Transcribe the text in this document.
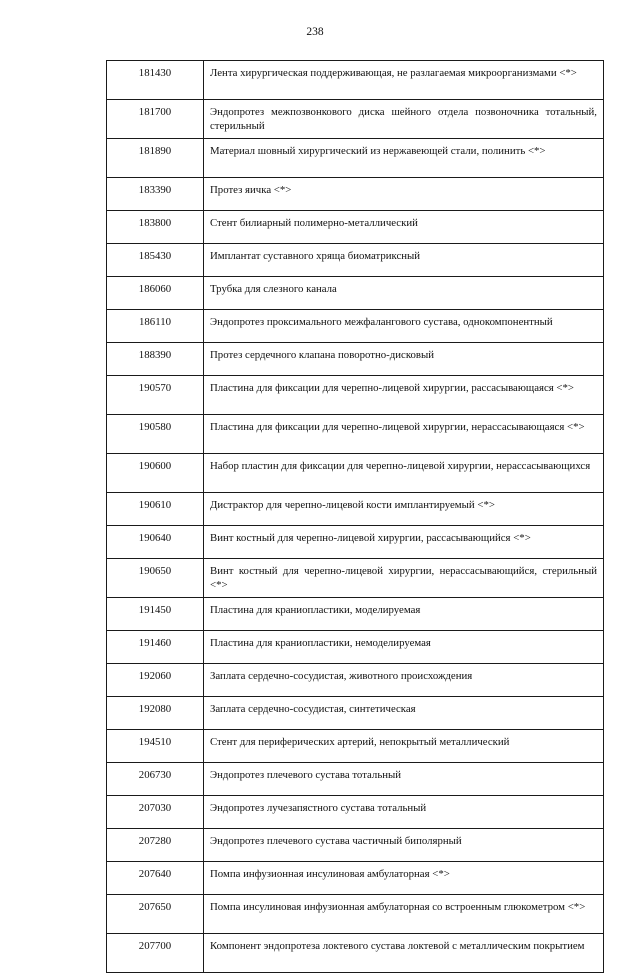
238
181430	Лента хирургическая поддерживающая, не разлагаемая микроорганизмами <*>
181700	Эндопротез межпозвонкового диска шейного отдела позвоночника тотальный, стерильный
181890	Материал шовный хирургический из нержавеющей стали, полинить <*>
183390	Протез яичка <*>
183800	Стент билиарный полимерно-металлический
185430	Имплантат суставного хряща биоматриксный
186060	Трубка для слезного канала
186110	Эндопротез проксимального межфалангового сустава, однокомпонентный
188390	Протез сердечного клапана поворотно-дисковый
190570	Пластина для фиксации для черепно-лицевой хирургии, рассасывающаяся <*>
190580	Пластина для фиксации для черепно-лицевой хирургии, нерассасывающаяся <*>
190600	Набор пластин для фиксации для черепно-лицевой хирургии, нерассасывающихся
190610	Дистрактор для черепно-лицевой кости имплантируемый <*>
190640	Винт костный для черепно-лицевой хирургии, рассасывающийся <*>
190650	Винт костный для черепно-лицевой хирургии, нерассасывающийся, стерильный <*>
191450	Пластина для краниопластики, моделируемая
191460	Пластина для краниопластики, немоделируемая
192060	Заплата сердечно-сосудистая, животного происхождения
192080	Заплата сердечно-сосудистая, синтетическая
194510	Стент для периферических артерий, непокрытый металлический
206730	Эндопротез плечевого сустава тотальный
207030	Эндопротез лучезапястного сустава тотальный
207280	Эндопротез плечевого сустава частичный биполярный
207640	Помпа инфузионная инсулиновая амбулаторная <*>
207650	Помпа инсулиновая инфузионная амбулаторная со встроенным глюкометром <*>
207700	Компонент эндопротеза локтевого сустава локтевой с металлическим покрытием
